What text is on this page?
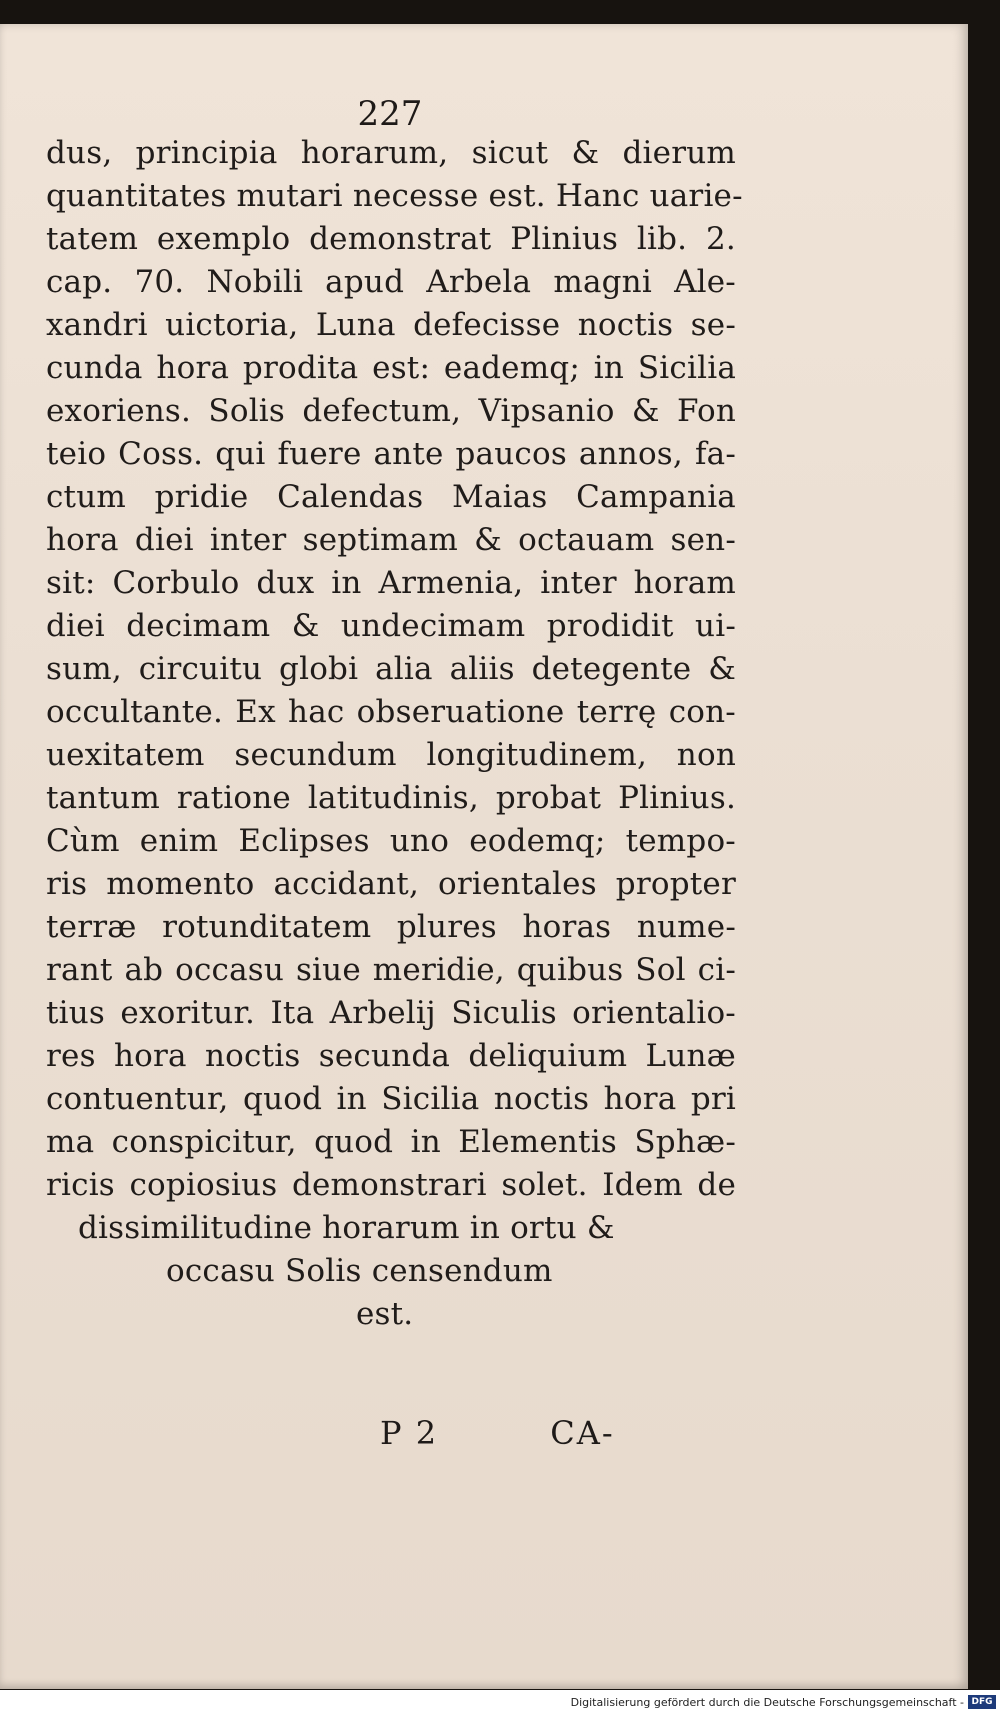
227
dus, principia horarum, sicut & dierum
quantitates mutari necesse est. Hanc uarie-
tatem exemplo demonstrat Plinius lib. 2.
cap. 70. Nobili apud Arbela magni Ale-
xandri uictoria, Luna defecisse noctis se-
cunda hora prodita est: eademq; in Sicilia
exoriens. Solis defectum, Vipsanio & Fon
teio Coss. qui fuere ante paucos annos, fa-
ctum pridie Calendas Maias Campania
hora diei inter septimam & octauam sen-
sit: Corbulo dux in Armenia, inter horam
diei decimam & undecimam prodidit ui-
sum, circuitu globi alia aliis detegente &
occultante. Ex hac obseruatione terrę con-
uexitatem secundum longitudinem, non
tantum ratione latitudinis, probat Plinius.
Cùm enim Eclipses uno eodemq; tempo-
ris momento accidant, orientales propter
terræ rotunditatem plures horas nume-
rant ab occasu siue meridie, quibus Sol ci-
tius exoritur. Ita Arbelij Siculis orientalio-
res hora noctis secunda deliquium Lunæ
contuentur, quod in Sicilia noctis hora pri
ma conspicitur, quod in Elementis Sphæ-
ricis copiosius demonstrari solet. Idem de
dissimilitudine horarum in ortu &
occasu Solis censendum
est.
P 2	CA-
Digitalisierung gefördert durch die Deutsche Forschungsgemeinschaft - DFG
